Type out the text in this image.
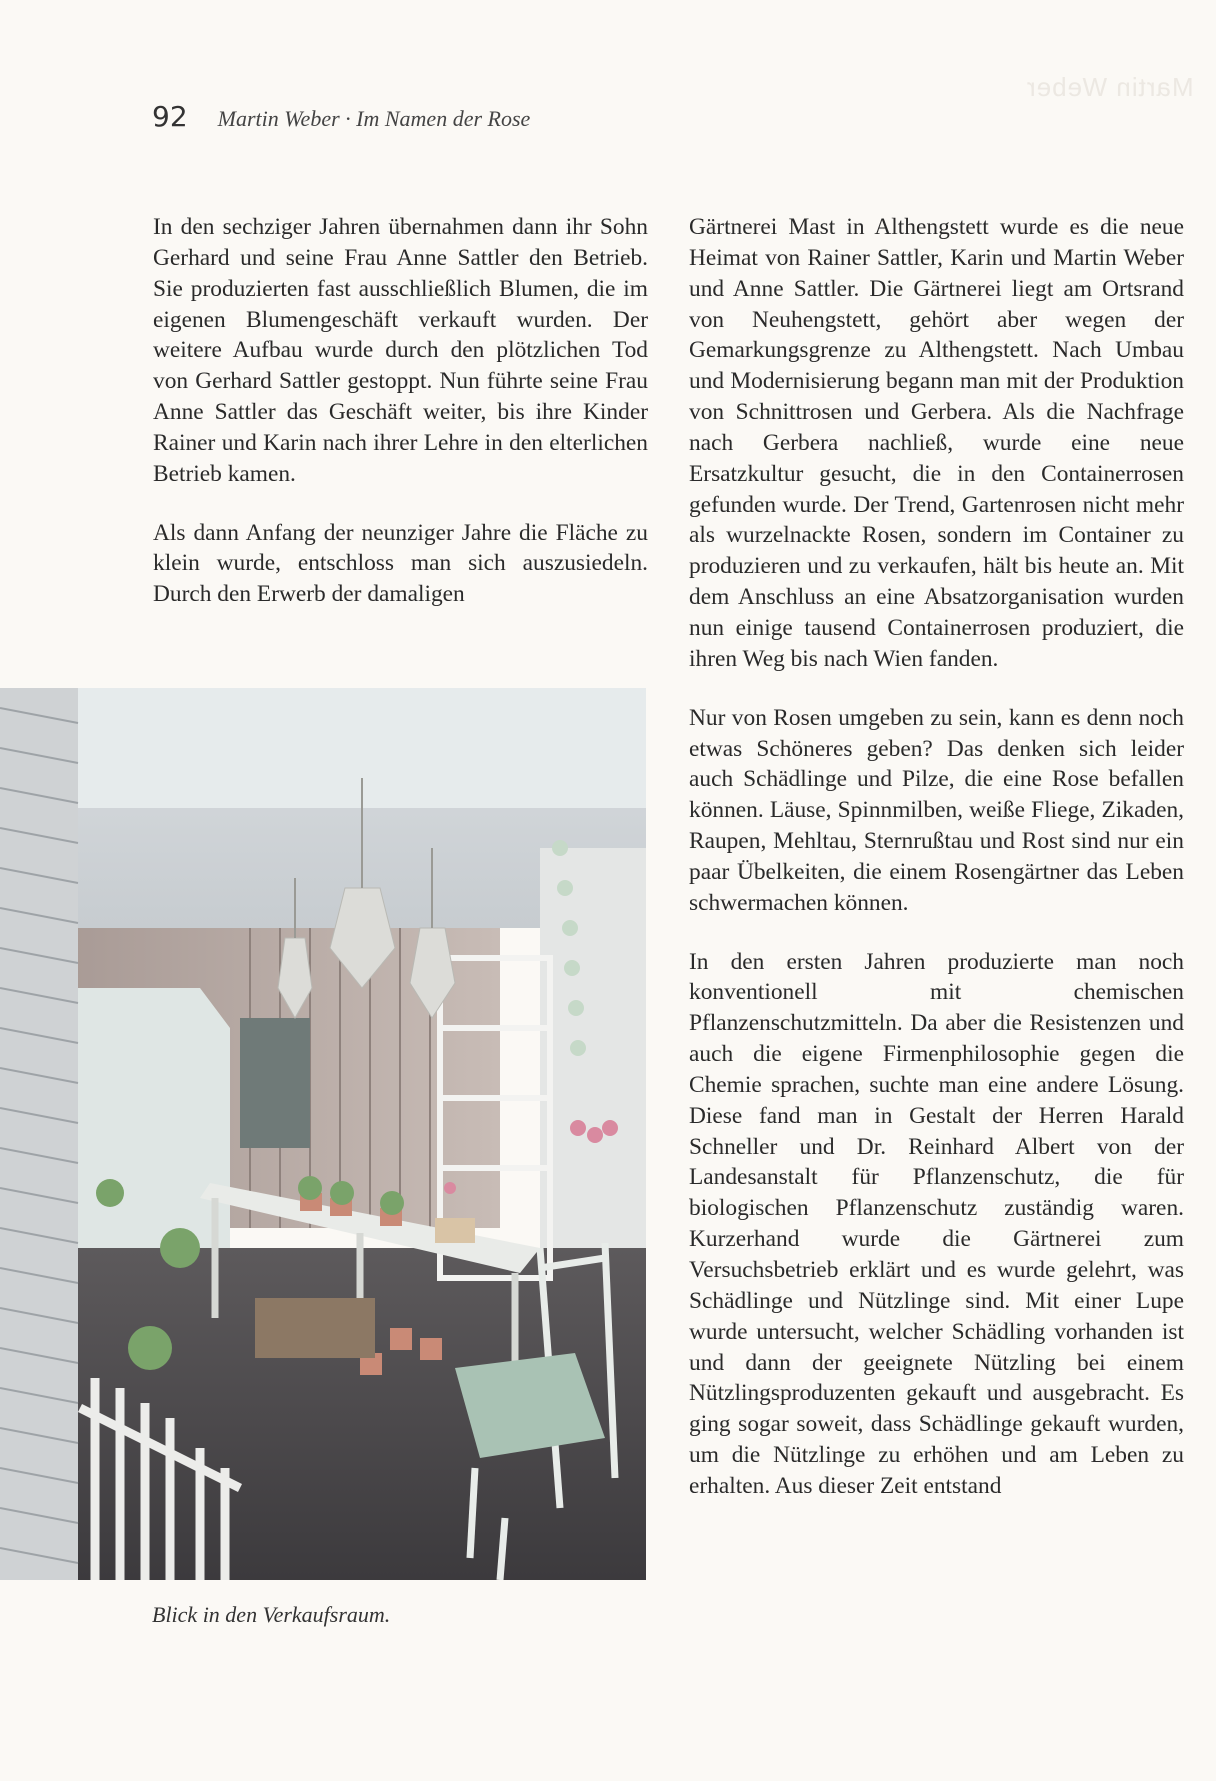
Martin Weber
92 Martin Weber · Im Namen der Rose

In den sechziger Jahren übernahmen dann ihr Sohn Gerhard und seine Frau Anne Sattler den Betrieb. Sie produzierten fast ausschließlich Blumen, die im eigenen Blumengeschäft verkauft wurden. Der weitere Aufbau wurde durch den plötzlichen Tod von Gerhard Sattler gestoppt. Nun führte seine Frau Anne Sattler das Geschäft weiter, bis ihre Kinder Rainer und Karin nach ihrer Lehre in den elterlichen Betrieb kamen.

Als dann Anfang der neunziger Jahre die Fläche zu klein wurde, entschloss man sich auszusiedeln. Durch den Erwerb der damaligen

Gärtnerei Mast in Althengstett wurde es die neue Heimat von Rainer Sattler, Karin und Martin Weber und Anne Sattler. Die Gärtnerei liegt am Ortsrand von Neuhengstett, gehört aber wegen der Gemarkungsgrenze zu Althengstett. Nach Umbau und Modernisierung begann man mit der Produktion von Schnittrosen und Gerbera. Als die Nachfrage nach Gerbera nachließ, wurde eine neue Ersatzkultur gesucht, die in den Containerrosen gefunden wurde. Der Trend, Gartenrosen nicht mehr als wurzelnackte Rosen, sondern im Container zu produzieren und zu verkaufen, hält bis heute an. Mit dem Anschluss an eine Absatzorganisation wurden nun einige tausend Containerrosen produziert, die ihren Weg bis nach Wien fanden.

Nur von Rosen umgeben zu sein, kann es denn noch etwas Schöneres geben? Das denken sich leider auch Schädlinge und Pilze, die eine Rose befallen können. Läuse, Spinnmilben, weiße Fliege, Zikaden, Raupen, Mehltau, Sternrußtau und Rost sind nur ein paar Übelkeiten, die einem Rosengärtner das Leben schwermachen können.

In den ersten Jahren produzierte man noch konventionell mit chemischen Pflanzenschutzmitteln. Da aber die Resistenzen und auch die eigene Firmenphilosophie gegen die Chemie sprachen, suchte man eine andere Lösung. Diese fand man in Gestalt der Herren Harald Schneller und Dr. Reinhard Albert von der Landesanstalt für Pflanzenschutz, die für biologischen Pflanzenschutz zuständig waren. Kurzerhand wurde die Gärtnerei zum Versuchsbetrieb erklärt und es wurde gelehrt, was Schädlinge und Nützlinge sind. Mit einer Lupe wurde untersucht, welcher Schädling vorhanden ist und dann der geeignete Nützling bei einem Nützlingsproduzenten gekauft und ausgebracht. Es ging sogar soweit, dass Schädlinge gekauft wurden, um die Nützlinge zu erhöhen und am Leben zu erhalten. Aus dieser Zeit entstand

Blick in den Verkaufsraum.
